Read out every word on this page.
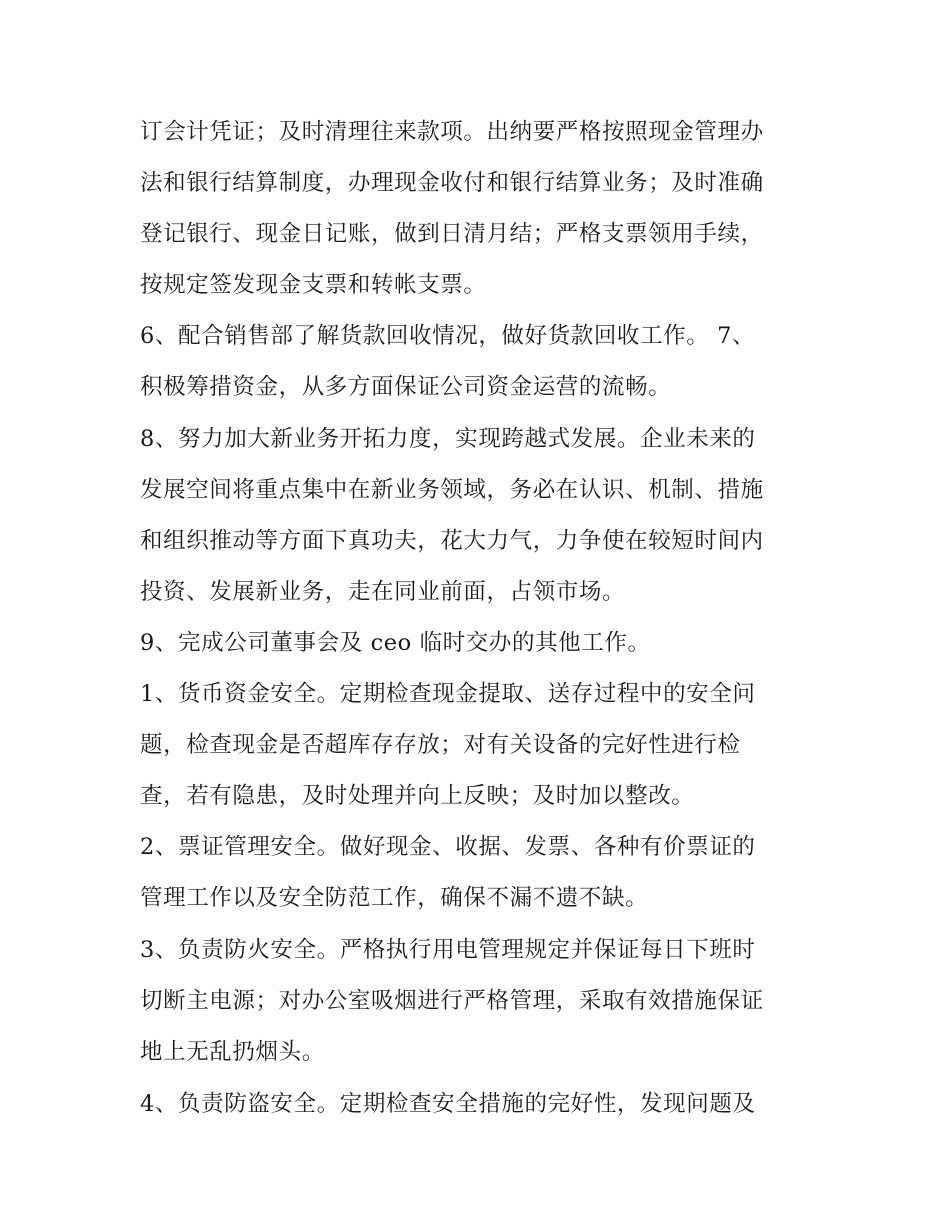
订会计凭证；及时清理往来款项。出纳要严格按照现金管理办
法和银行结算制度，办理现金收付和银行结算业务；及时准确
登记银行、现金日记账，做到日清月结；严格支票领用手续，
按规定签发现金支票和转帐支票。
6、配合销售部了解货款回收情况，做好货款回收工作。 7、
积极筹措资金，从多方面保证公司资金运营的流畅。
8、努力加大新业务开拓力度，实现跨越式发展。企业未来的
发展空间将重点集中在新业务领域，务必在认识、机制、措施
和组织推动等方面下真功夫，花大力气，力争使在较短时间内
投资、发展新业务，走在同业前面，占领市场。
9、完成公司董事会及 ceo 临时交办的其他工作。
1、货币资金安全。定期检查现金提取、送存过程中的安全问
题，检查现金是否超库存存放；对有关设备的完好性进行检
查，若有隐患，及时处理并向上反映；及时加以整改。
2、票证管理安全。做好现金、收据、发票、各种有价票证的
管理工作以及安全防范工作，确保不漏不遗不缺。
3、负责防火安全。严格执行用电管理规定并保证每日下班时
切断主电源；对办公室吸烟进行严格管理，采取有效措施保证
地上无乱扔烟头。
4、负责防盗安全。定期检查安全措施的完好性，发现问题及
